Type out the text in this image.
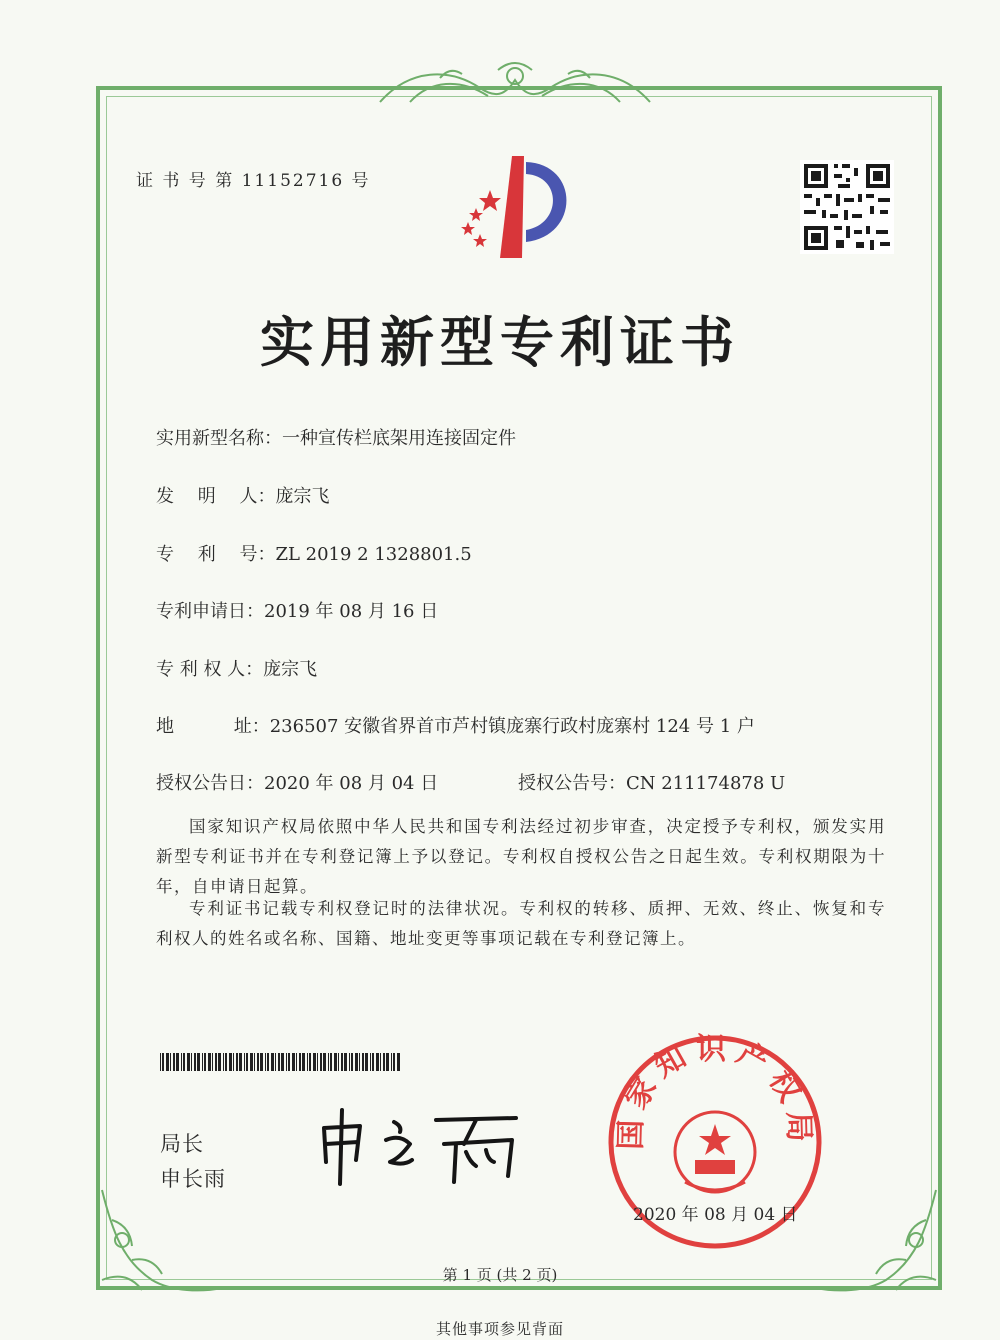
证 书 号 第 11152716 号
实用新型专利证书
实用新型名称：一种宣传栏底架用连接固定件
发　 明　 人：庞宗飞
专　 利　 号：ZL 2019 2 1328801.5
专利申请日：2019 年 08 月 16 日
专 利 权 人：庞宗飞
地　　　 址：236507 安徽省界首市芦村镇庞寨行政村庞寨村 124 号 1 户
授权公告日：2020 年 08 月 04 日	授权公告号：CN 211174878 U
国家知识产权局依照中华人民共和国专利法经过初步审查，决定授予专利权，颁发实用新型专利证书并在专利登记簿上予以登记。专利权自授权公告之日起生效。专利权期限为十年，自申请日起算。
专利证书记载专利权登记时的法律状况。专利权的转移、质押、无效、终止、恢复和专利权人的姓名或名称、国籍、地址变更等事项记载在专利登记簿上。
局长
申长雨
国家知识产权局
2020 年 08 月 04 日
第 1 页 (共 2 页)
其他事项参见背面
